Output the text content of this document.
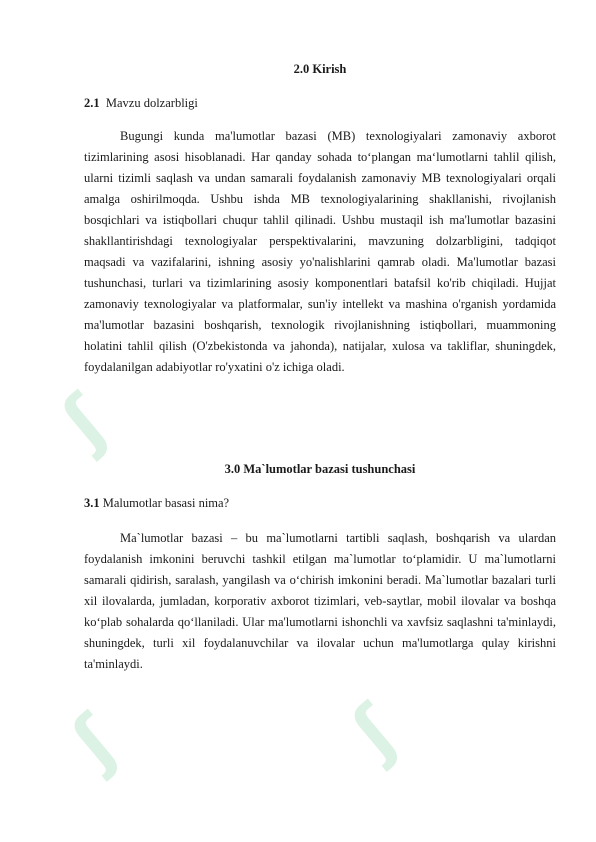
ʃ
ʃ
ʃ
2.0 Kirish
2.1 Mavzu dolzarbligi

Bugungi kunda ma'lumotlar bazasi (MB) texnologiyalari zamonaviy axborot tizimlarining asosi hisoblanadi. Har qanday sohada to‘plangan ma‘lumotlarni tahlil qilish, ularni tizimli saqlash va undan samarali foydalanish zamonaviy MB texnologiyalari orqali amalga oshirilmoqda. Ushbu ishda MB texnologiyalarining shakllanishi, rivojlanish bosqichlari va istiqbollari chuqur tahlil qilinadi. Ushbu mustaqil ish ma'lumotlar bazasini shakllantirishdagi texnologiyalar perspektivalarini, mavzuning dolzarbligini, tadqiqot maqsadi va vazifalarini, ishning asosiy yo'nalishlarini qamrab oladi. Ma'lumotlar bazasi tushunchasi, turlari va tizimlarining asosiy komponentlari batafsil ko'rib chiqiladi. Hujjat zamonaviy texnologiyalar va platformalar, sun'iy intellekt va mashina o'rganish yordamida ma'lumotlar bazasini boshqarish, texnologik rivojlanishning istiqbollari, muammoning holatini tahlil qilish (O'zbekistonda va jahonda), natijalar, xulosa va takliflar, shuningdek, foydalanilgan adabiyotlar ro'yxatini o'z ichiga oladi.

3.0 Ma`lumotlar bazasi tushunchasi
3.1 Malumotlar basasi nima?

Ma`lumotlar bazasi – bu ma`lumotlarni tartibli saqlash, boshqarish va ulardan foydalanish imkonini beruvchi tashkil etilgan ma`lumotlar to‘plamidir. U ma`lumotlarni samarali qidirish, saralash, yangilash va o‘chirish imkonini beradi. Ma`lumotlar bazalari turli xil ilovalarda, jumladan, korporativ axborot tizimlari, veb-saytlar, mobil ilovalar va boshqa ko‘plab sohalarda qo‘llaniladi. Ular ma'lumotlarni ishonchli va xavfsiz saqlashni ta'minlaydi, shuningdek, turli xil foydalanuvchilar va ilovalar uchun ma'lumotlarga qulay kirishni ta'minlaydi.
